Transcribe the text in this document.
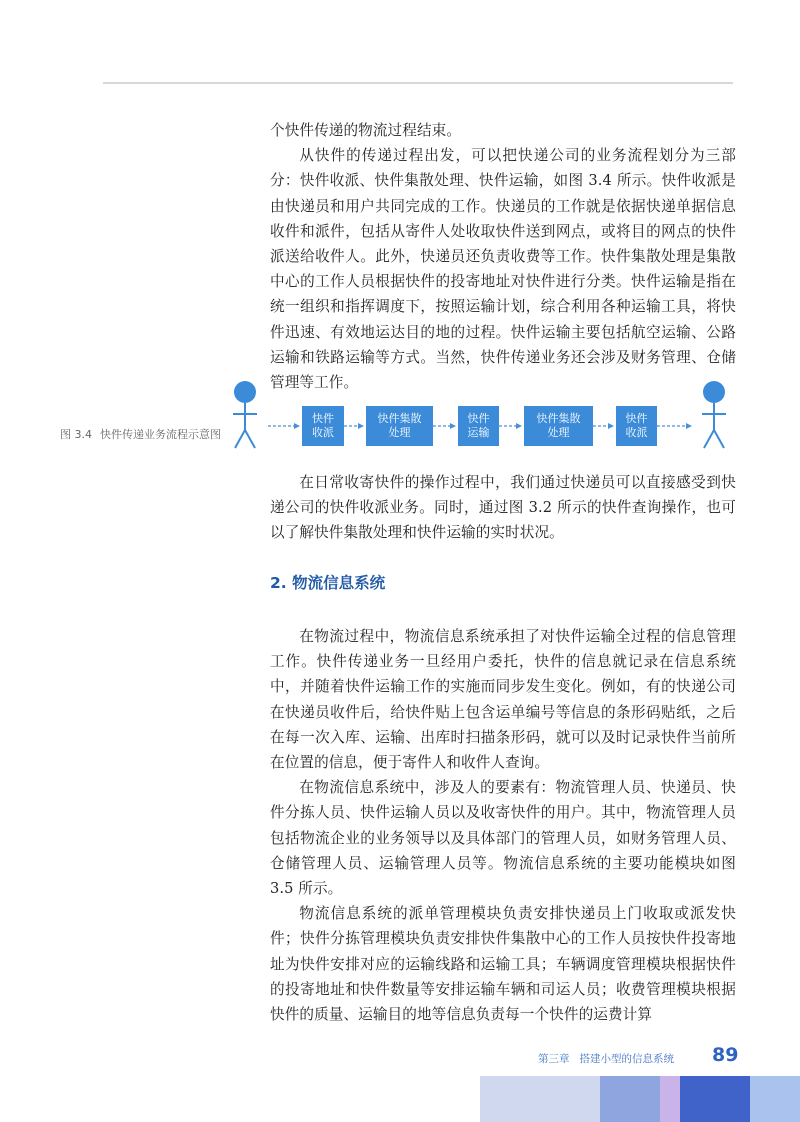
个快件传递的物流过程结束。

从快件的传递过程出发，可以把快递公司的业务流程划分为三部分：快件收派、快件集散处理、快件运输，如图 3.4 所示。快件收派是由快递员和用户共同完成的工作。快递员的工作就是依据快递单据信息收件和派件，包括从寄件人处收取快件送到网点，或将目的网点的快件派送给收件人。此外，快递员还负责收费等工作。快件集散处理是集散中心的工作人员根据快件的投寄地址对快件进行分类。快件运输是指在统一组织和指挥调度下，按照运输计划，综合利用各种运输工具，将快件迅速、有效地运达目的地的过程。快件运输主要包括航空运输、公路运输和铁路运输等方式。当然，快件传递业务还会涉及财务管理、仓储管理等工作。

快件
收派
快件集散
处理
快件
运输
快件集散
处理
快件
收派
图 3.4 快件传递业务流程示意图

在日常收寄快件的操作过程中，我们通过快递员可以直接感受到快递公司的快件收派业务。同时，通过图 3.2 所示的快件查询操作，也可以了解快件集散处理和快件运输的实时状况。

2. 物流信息系统

在物流过程中，物流信息系统承担了对快件运输全过程的信息管理工作。快件传递业务一旦经用户委托，快件的信息就记录在信息系统中，并随着快件运输工作的实施而同步发生变化。例如，有的快递公司在快递员收件后，给快件贴上包含运单编号等信息的条形码贴纸，之后在每一次入库、运输、出库时扫描条形码，就可以及时记录快件当前所在位置的信息，便于寄件人和收件人查询。

在物流信息系统中，涉及人的要素有：物流管理人员、快递员、快件分拣人员、快件运输人员以及收寄快件的用户。其中，物流管理人员包括物流企业的业务领导以及具体部门的管理人员，如财务管理人员、仓储管理人员、运输管理人员等。物流信息系统的主要功能模块如图 3.5 所示。

物流信息系统的派单管理模块负责安排快递员上门收取或派发快件；快件分拣管理模块负责安排快件集散中心的工作人员按快件投寄地址为快件安排对应的运输线路和运输工具；车辆调度管理模块根据快件的投寄地址和快件数量等安排运输车辆和司运人员；收费管理模块根据快件的质量、运输目的地等信息负责每一个快件的运费计算

第三章 搭建小型的信息系统 89
